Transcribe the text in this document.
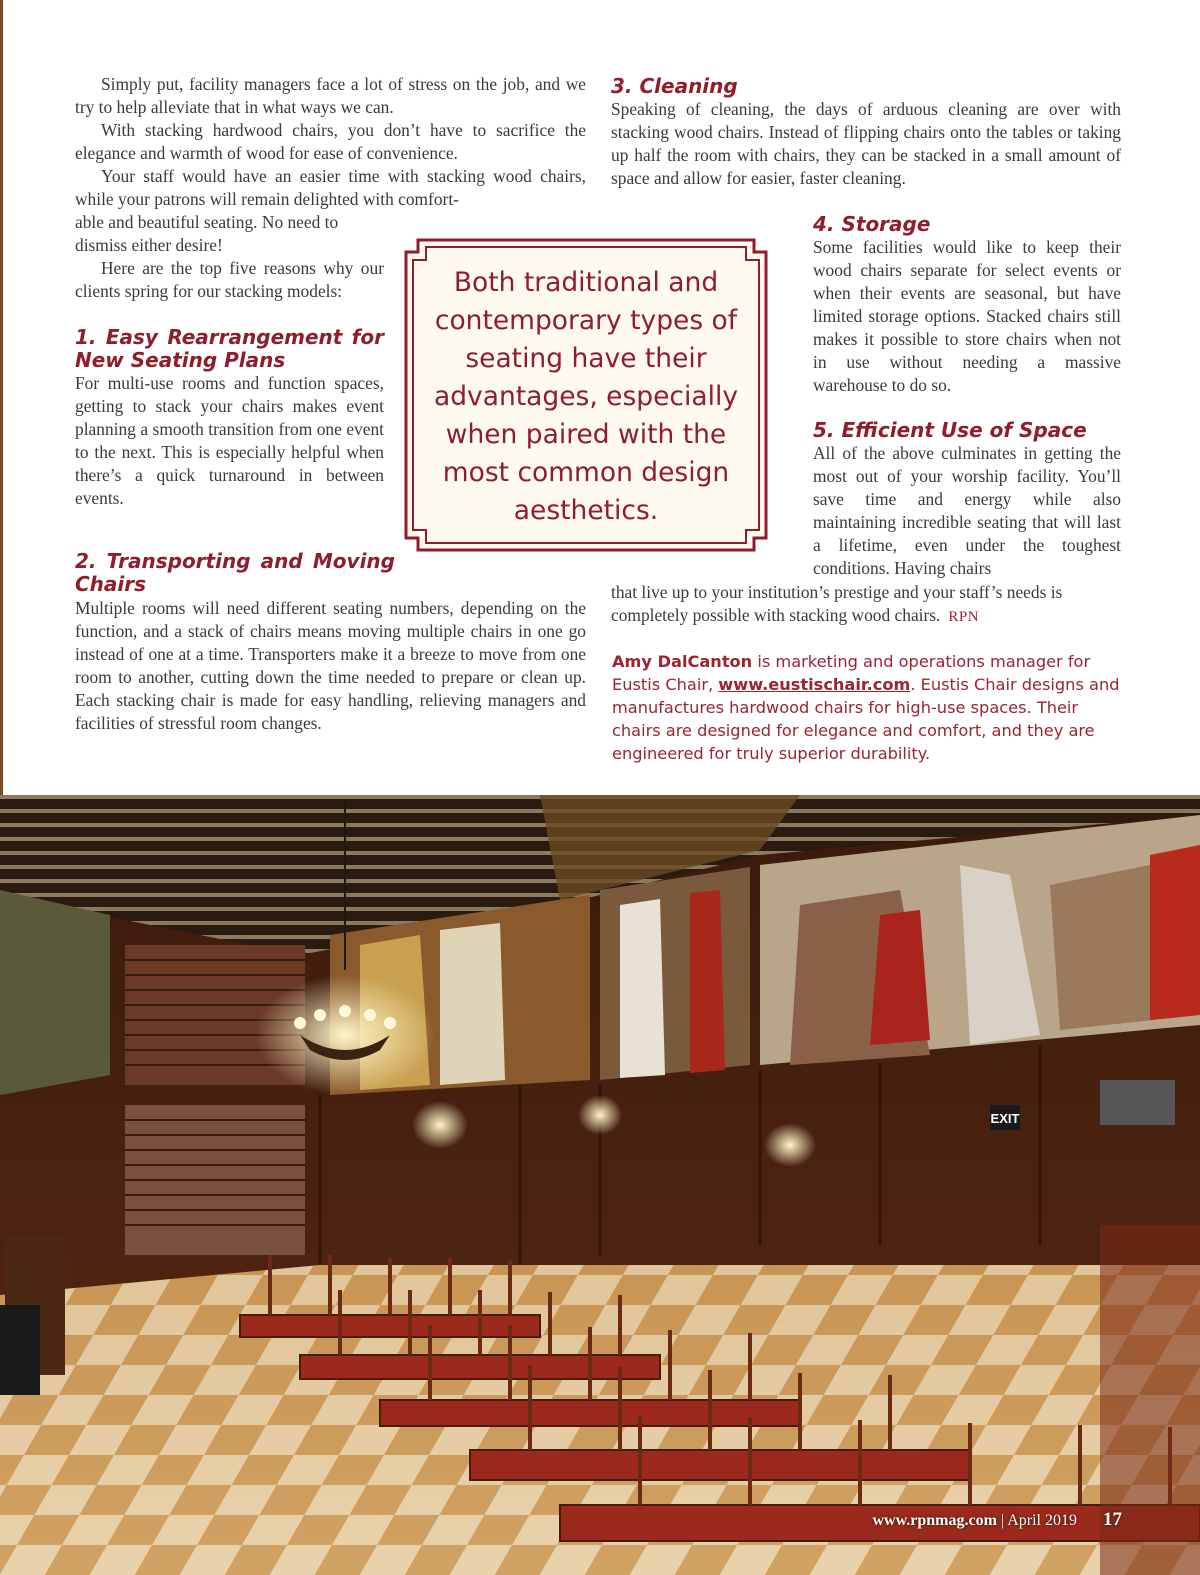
Simply put, facility managers face a lot of stress on the job, and we try to help alleviate that in what ways we can.

With stacking hardwood chairs, you don’t have to sacrifice the elegance and warmth of wood for ease of convenience.

Your staff would have an easier time with stacking wood chairs, while your patrons will remain delighted with comfort-

able and beautiful seating. No need to dismiss either desire!

Here are the top five reasons why our clients spring for our stacking models:

1. Easy Rearrangement for New Seating Plans

For multi-use rooms and function spaces, getting to stack your chairs makes event planning a smooth transition from one event to the next. This is especially helpful when there’s a quick turnaround in between events.

2. Transporting and Moving Chairs

Multiple rooms will need different seating numbers, depending on the function, and a stack of chairs means moving multiple chairs in one go instead of one at a time. Transporters make it a breeze to move from one room to another, cutting down the time needed to prepare or clean up. Each stacking chair is made for easy handling, relieving managers and facilities of stressful room changes.

3. Cleaning

Speaking of cleaning, the days of arduous cleaning are over with stacking wood chairs. Instead of flipping chairs onto the tables or taking up half the room with chairs, they can be stacked in a small amount of space and allow for easier, faster cleaning.

4. Storage

Some facilities would like to keep their wood chairs separate for select events or when their events are seasonal, but have limited storage options. Stacked chairs still makes it possible to store chairs when not in use without needing a massive warehouse to do so.

5. Efficient Use of Space

All of the above culminates in getting the most out of your worship facility. You’ll save time and energy while also maintaining incredible seating that will last a lifetime, even under the toughest conditions. Having chairs

that live up to your institution’s prestige and your staff’s needs is completely possible with stacking wood chairs. RPN

Both traditional and contemporary types of seating have their advantages, especially when paired with the most common design aesthetics.
Amy DalCanton is marketing and operations manager for Eustis Chair, www.eustischair.com. Eustis Chair designs and manufactures hardwood chairs for high-use spaces. Their chairs are designed for elegance and comfort, and they are engineered for truly superior durability.
EXIT
www.rpnmag.com | April 2019 17
